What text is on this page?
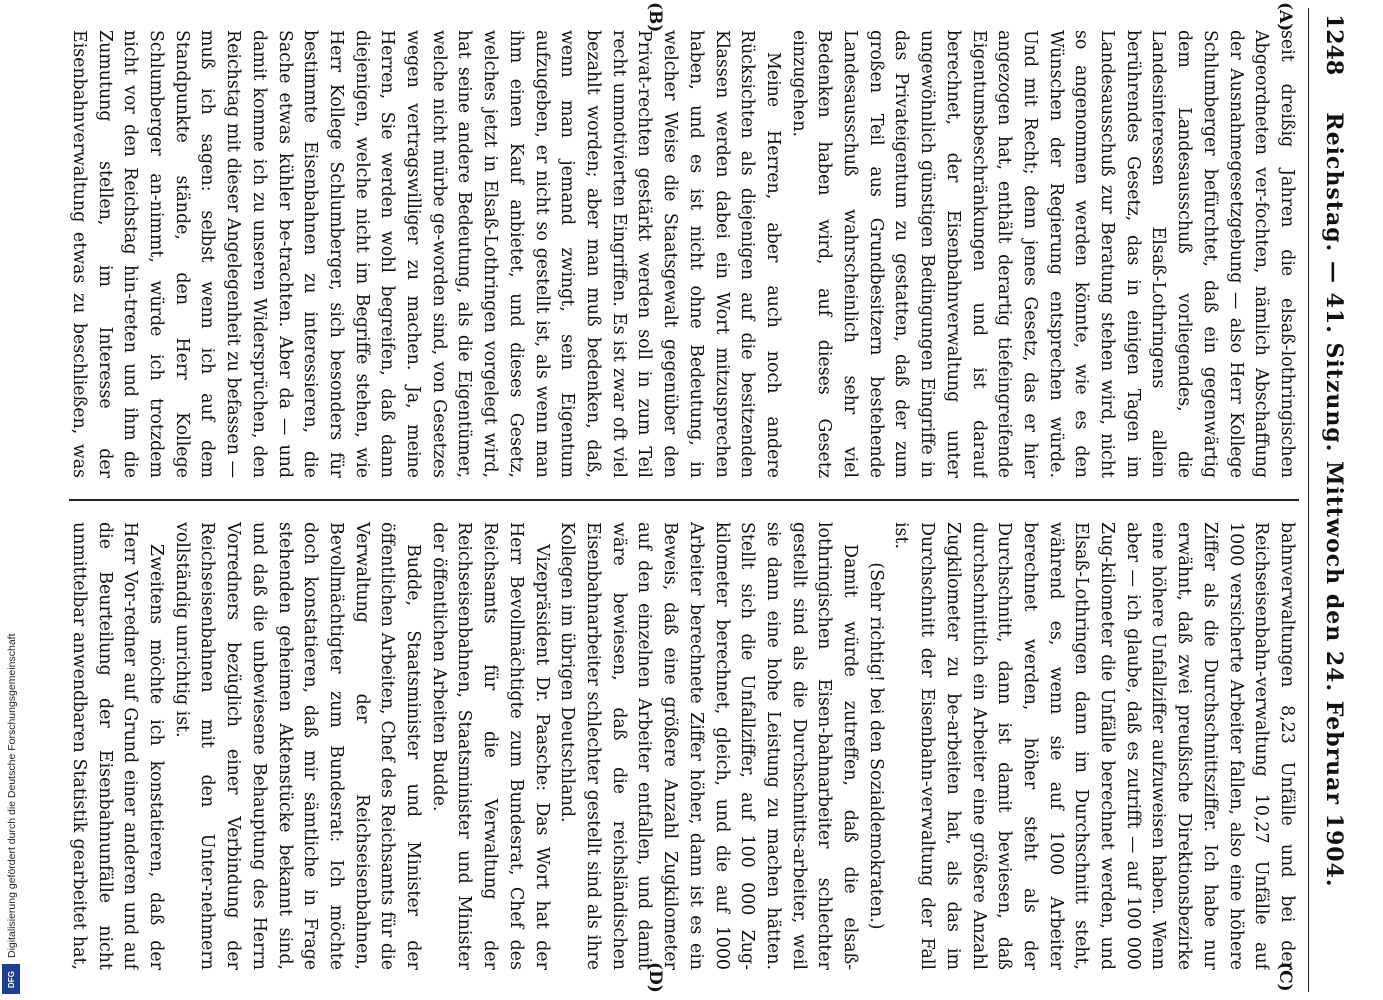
1248
Reichstag. — 41. Sitzung. Mittwoch den 24. Februar 1904.
(A)
(B)
(C)
(D)

seit dreißig Jahren die elsaß-lothringischen Abgeordneten ver-fochten, nämlich Abschaffung der Ausnahmegesetzgebung — also Herr Kollege Schlumberger befürchtet, daß ein gegenwärtig dem Landesausschuß vorliegendes, die Landesinteressen Elsaß-Lothringens allein berührendes Gesetz, das in einigen Tagen im Landesausschuß zur Beratung stehen wird, nicht so angenommen werden könnte, wie es den Wünschen der Regierung entsprechen würde. Und mit Recht; denn jenes Gesetz, das er hier angezogen hat, enthält derartig tiefeingreifende Eigentumsbeschränkungen und ist darauf berechnet, der Eisenbahnverwaltung unter ungewöhnlich günstigen Bedingungen Eingriffe in das Privateigentum zu gestatten, daß der zum großen Teil aus Grundbesitzern bestehende Landesausschuß wahrscheinlich sehr viel Bedenken haben wird, auf dieses Gesetz einzugehen.

Meine Herren, aber auch noch andere Rücksichten als diejenigen auf die besitzenden Klassen werden dabei ein Wort mitzusprechen haben, und es ist nicht ohne Bedeutung, in welcher Weise die Staatsgewalt gegenüber den Privat-rechten gestärkt werden soll in zum Teil recht unmotivierten Eingriffen. Es ist zwar oft viel bezahlt worden; aber man muß bedenken, daß, wenn man jemand zwingt, sein Eigentum aufzugeben, er nicht so gestellt ist, als wenn man ihm einen Kauf anbietet, und dieses Gesetz, welches jetzt in Elsaß-Lothringen vorgelegt wird, hat seine andere Bedeutung, als die Eigentümer, welche nicht mürbe ge-worden sind, von Gesetzes wegen vertragswilliger zu machen. Ja, meine Herren, Sie werden wohl begreifen, daß dann diejenigen, welche nicht im Begriffe stehen, wie Herr Kollege Schlumberger, sich besonders für bestimmte Eisenbahnen zu interessieren, die Sache etwas kühler be-trachten. Aber da — und damit komme ich zu unseren Widersprüchen, den Reichstag mit dieser Angelegenheit zu befassen — muß ich sagen: selbst wenn ich auf dem Standpunkte stände, den Herr Kollege Schlumberger an-nimmt, würde ich trotzdem nicht vor den Reichstag hin-treten und ihm die Zumutung stellen, im Interesse der Eisenbahnverwaltung etwas zu beschließen, was

bahnverwaltungen 8,23 Unfälle und bei der Reichseisenbahn-verwaltung 10,27 Unfälle auf 1000 versicherte Arbeiter fallen, also eine höhere Ziffer als die Durchschnittsziffer. Ich habe nur erwähnt, daß zwei preußische Direktionsbezirke eine höhere Unfallziffer aufzuweisen haben. Wenn aber — ich glaube, daß es zutrifft — auf 100 000 Zug-kilometer die Unfälle berechnet werden, und Elsaß-Lothringen dann im Durchschnitt steht, während es, wenn sie auf 1000 Arbeiter berechnet werden, höher steht als der Durchschnitt, dann ist damit bewiesen, daß durchschnittlich ein Arbeiter eine größere Anzahl Zugkilometer zu be-arbeiten hat, als das im Durchschnitt der Eisenbahn-verwaltung der Fall ist.

(Sehr richtig! bei den Sozialdemokraten.)

Damit würde zutreffen, daß die elsaß-lothringischen Eisen-bahnarbeiter schlechter gestellt sind als die Durchschnitts-arbeiter, weil sie dann eine hohe Leistung zu machen hätten. Stellt sich die Unfallziffer, auf 100 000 Zug-kilometer berechnet, gleich, und die auf 1000 Arbeiter berechnete Ziffer höher, dann ist es ein Beweis, daß eine größere Anzahl Zugkilometer auf den einzelnen Arbeiter entfallen, und damit wäre bewiesen, daß die reichsländischen Eisenbahnarbeiter schlechter gestellt sind als ihre Kollegen im übrigen Deutschland.

Vizepräsident Dr. Paasche: Das Wort hat der Herr Bevollmächtigte zum Bundesrat, Chef des Reichsamts für die Verwaltung der Reichseisenbahnen, Staatsminister und Minister der öffentlichen Arbeiten Budde.

Budde, Staatsminister und Minister der öffentlichen Arbeiten, Chef des Reichsamts für die Verwaltung der Reichseisenbahnen, Bevollmächtigter zum Bundesrat: Ich möchte doch konstatieren, daß mir sämtliche in Frage stehenden geheimen Aktenstücke bekannt sind, und daß die unbewiesene Behauptung des Herrn Vorredners bezüglich einer Verbindung der Reichseisenbahnen mit den Unter-nehmern vollständig unrichtig ist.

Zweitens möchte ich konstatieren, daß der Herr Vor-redner auf Grund einer anderen und auf die Beurteilung der Eisenbahnunfälle nicht unmittelbar anwendbaren Statistik gearbeitet hat,

Digitalisierung gefördert durch die Deutsche Forschungsgemeinschaft
DFG
